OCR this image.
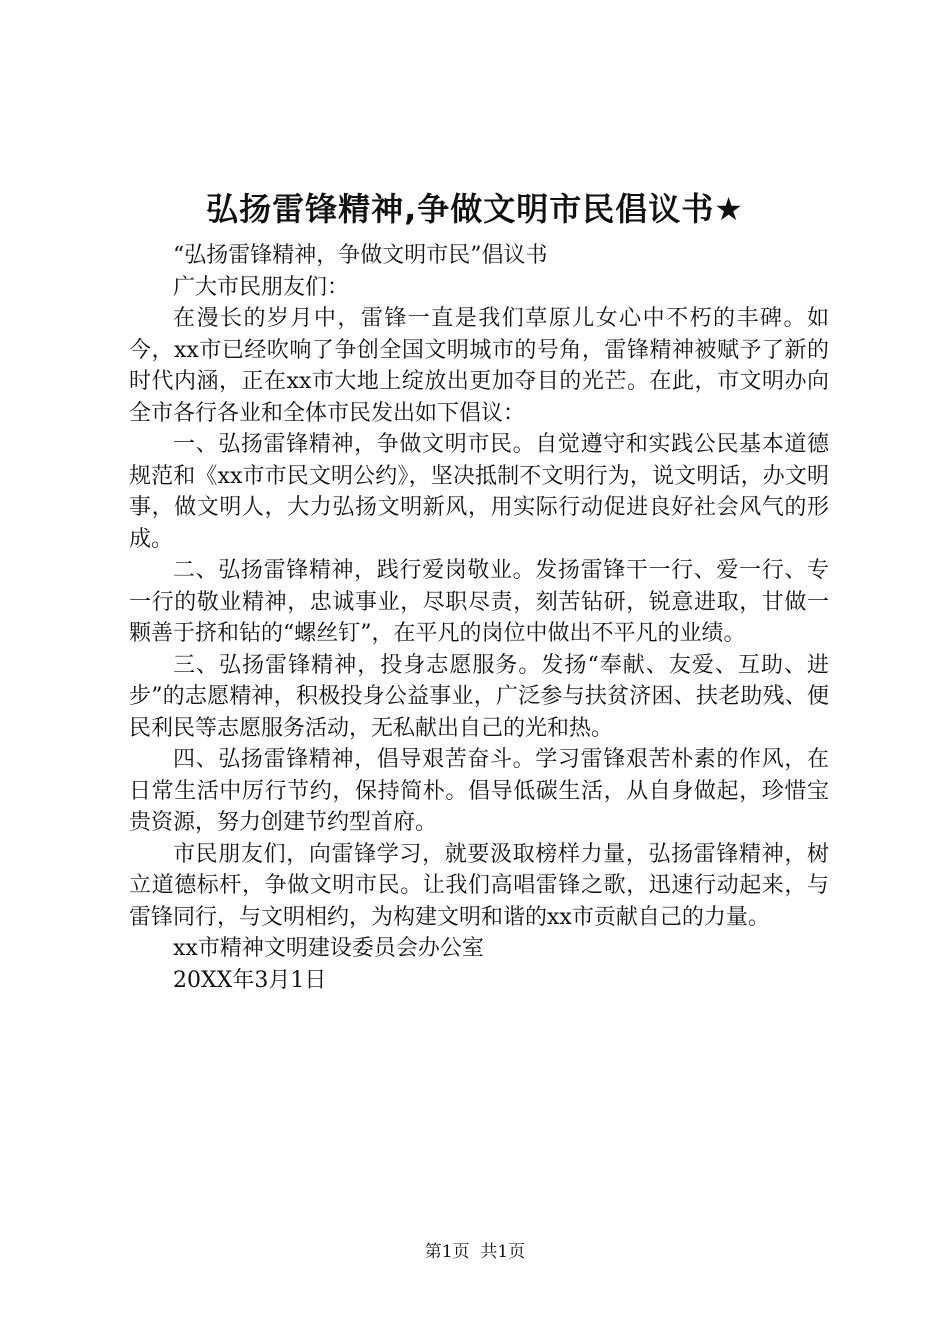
弘扬雷锋精神,争做文明市民倡议书★

“弘扬雷锋精神，争做文明市民”倡议书

广大市民朋友们：

在漫长的岁月中，雷锋一直是我们草原儿女心中不朽的丰碑。如今，xx市已经吹响了争创全国文明城市的号角，雷锋精神被赋予了新的时代内涵，正在xx市大地上绽放出更加夺目的光芒。在此，市文明办向全市各行各业和全体市民发出如下倡议：

一、弘扬雷锋精神，争做文明市民。自觉遵守和实践公民基本道德规范和《xx市市民文明公约》，坚决抵制不文明行为，说文明话，办文明事，做文明人，大力弘扬文明新风，用实际行动促进良好社会风气的形成。

二、弘扬雷锋精神，践行爱岗敬业。发扬雷锋干一行、爱一行、专一行的敬业精神，忠诚事业，尽职尽责，刻苦钻研，锐意进取，甘做一颗善于挤和钻的“螺丝钉”，在平凡的岗位中做出不平凡的业绩。

三、弘扬雷锋精神，投身志愿服务。发扬“奉献、友爱、互助、进步”的志愿精神，积极投身公益事业，广泛参与扶贫济困、扶老助残、便民利民等志愿服务活动，无私献出自己的光和热。

四、弘扬雷锋精神，倡导艰苦奋斗。学习雷锋艰苦朴素的作风，在日常生活中厉行节约，保持简朴。倡导低碳生活，从自身做起，珍惜宝贵资源，努力创建节约型首府。

市民朋友们，向雷锋学习，就要汲取榜样力量，弘扬雷锋精神，树立道德标杆，争做文明市民。让我们高唱雷锋之歌，迅速行动起来，与雷锋同行，与文明相约，为构建文明和谐的xx市贡献自己的力量。

xx市精神文明建设委员会办公室

20XX年3月1日

第1页  共1页
